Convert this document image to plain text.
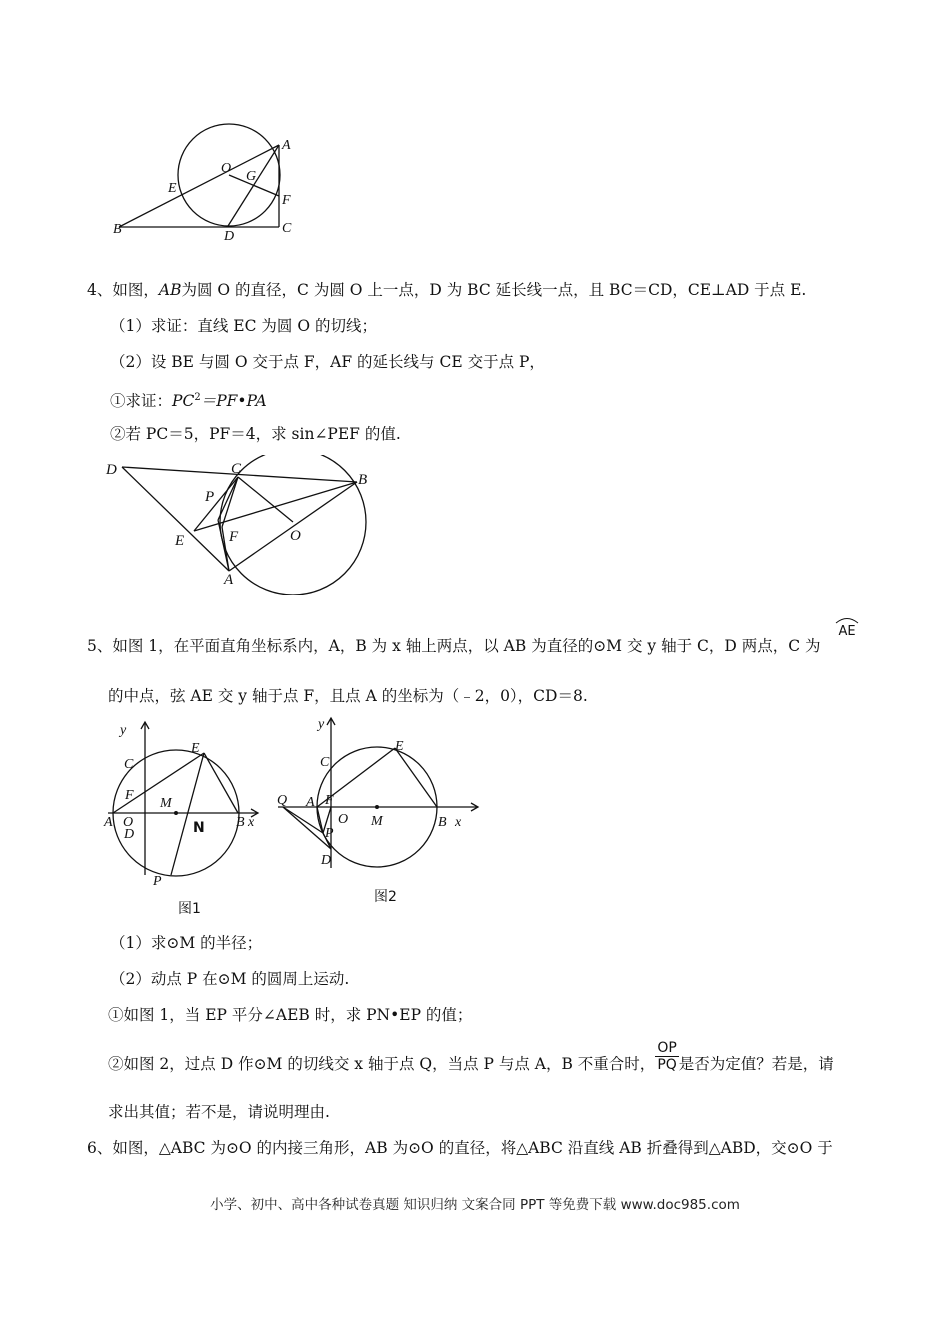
A
O
G
E
F
B	D
C
4、如图，AB为圆 O 的直径，C 为圆 O 上一点，D 为 BC 延长线一点，且 BC＝CD，CE⊥AD 于点 E.
（1）求证：直线 EC 为圆 O 的切线；
（2）设 BE 与圆 O 交于点 F，AF 的延长线与 CE 交于点 P，
①求证：$PC^2=PF•PA$
②若 PC＝5，PF＝4，求 sin∠PEF 的值.
D	C
B
P
E	F	O
A
5、如图 1，在平面直角坐标系内，A，B 为 x 轴上两点，以 AB 为直径的⊙M 交 y 轴于 C，D 两点，C 为
AE
的中点，弦 AE 交 y 轴于点 F，且点 A 的坐标为（﹣2，0），CD＝8.
y
E
C
F
M
A O	N B x
D
P
图1
y
E
C
Q A F
O M	B x
P
D
图2
（1）求⊙M 的半径；
（2）动点 P 在⊙M 的圆周上运动.
①如图 1，当 EP 平分∠AEB 时，求 PN•EP 的值；
②如图 2，过点 D 作⊙M 的切线交 x 轴于点 Q，当点 P 与点 A，B 不重合时， $\frac{OP}{PQ}$ 是否为定值？若是，请
求出其值；若不是，请说明理由.
6、如图，△ABC 为⊙O 的内接三角形，AB 为⊙O 的直径，将△ABC 沿直线 AB 折叠得到△ABD，交⊙O 于
小学、初中、高中各种试卷真题 知识归纳 文案合同 PPT 等免费下载 www.doc985.com
